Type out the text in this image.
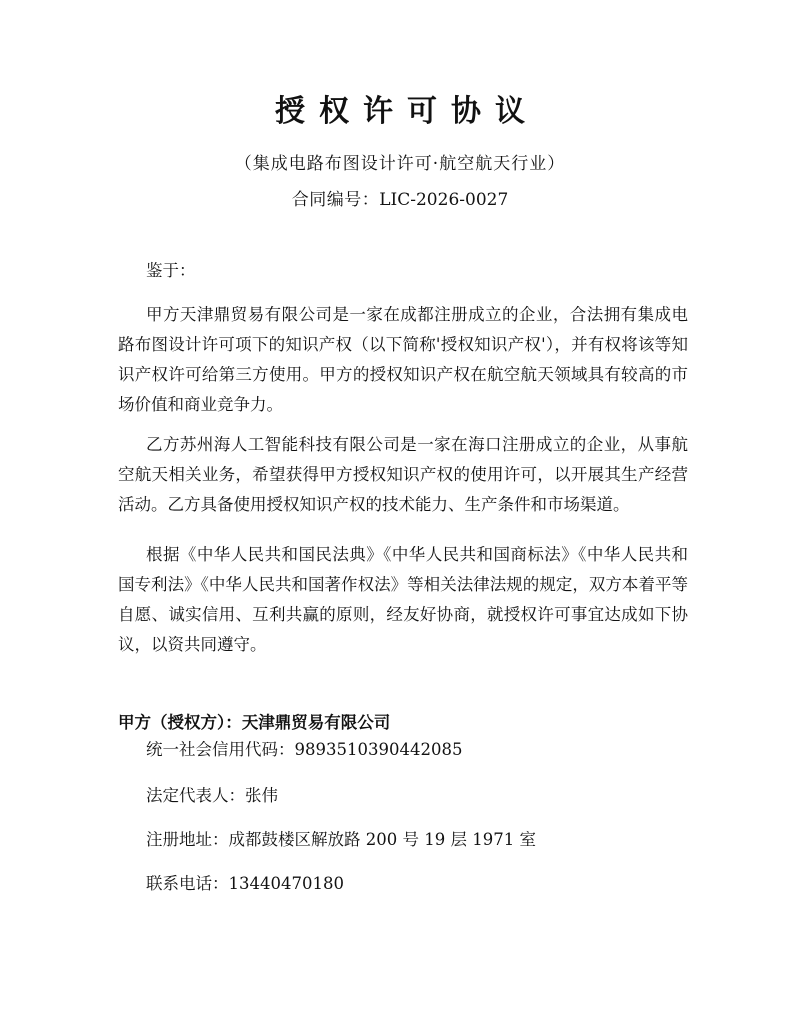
授权许可协议
（集成电路布图设计许可·航空航天行业）
合同编号：LIC-2026-0027
鉴于：
甲方天津鼎贸易有限公司是一家在成都注册成立的企业，合法拥有集成电路布图设计许可项下的知识产权（以下简称'授权知识产权'），并有权将该等知识产权许可给第三方使用。甲方的授权知识产权在航空航天领域具有较高的市场价值和商业竞争力。
乙方苏州海人工智能科技有限公司是一家在海口注册成立的企业，从事航空航天相关业务，希望获得甲方授权知识产权的使用许可，以开展其生产经营活动。乙方具备使用授权知识产权的技术能力、生产条件和市场渠道。
根据《中华人民共和国民法典》《中华人民共和国商标法》《中华人民共和国专利法》《中华人民共和国著作权法》等相关法律法规的规定，双方本着平等自愿、诚实信用、互利共赢的原则，经友好协商，就授权许可事宜达成如下协议，以资共同遵守。
甲方（授权方）：天津鼎贸易有限公司
统一社会信用代码：9893510390442085
法定代表人：张伟
注册地址：成都鼓楼区解放路 200 号 19 层 1971 室
联系电话：13440470180
